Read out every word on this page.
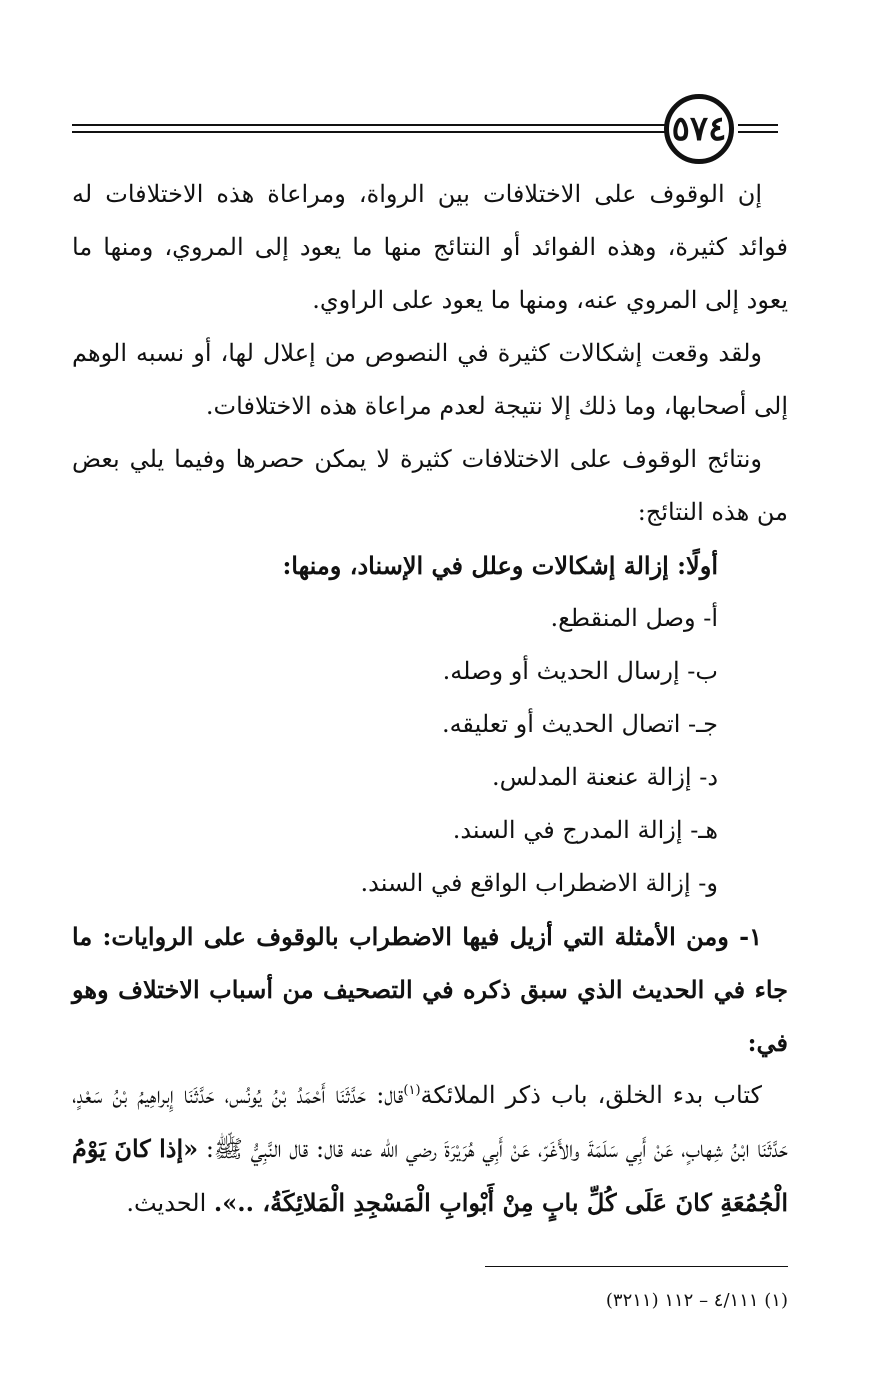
٥٧٤

إن الوقوف على الاختلافات بين الرواة، ومراعاة هذه الاختلافات له فوائد كثيرة، وهذه الفوائد أو النتائج منها ما يعود إلى المروي، ومنها ما يعود إلى المروي عنه، ومنها ما يعود على الراوي.

ولقد وقعت إشكالات كثيرة في النصوص من إعلال لها، أو نسبه الوهم إلى أصحابها، وما ذلك إلا نتيجة لعدم مراعاة هذه الاختلافات.

ونتائج الوقوف على الاختلافات كثيرة لا يمكن حصرها وفيما يلي بعض من هذه النتائج:

أولًا: إزالة إشكالات وعلل في الإسناد، ومنها:

أ- وصل المنقطع.

ب- إرسال الحديث أو وصله.

جـ- اتصال الحديث أو تعليقه.

د- إزالة عنعنة المدلس.

هـ- إزالة المدرج في السند.

و- إزالة الاضطراب الواقع في السند.

١- ومن الأمثلة التي أزيل فيها الاضطراب بالوقوف على الروايات: ما جاء في الحديث الذي سبق ذكره في التصحيف من أسباب الاختلاف وهو في:

كتاب بدء الخلق، باب ذكر الملائكة$^{(١)}$قال: حَدَّثَنَا أَحْمَدُ بْنُ يُونُس، حَدَّثَنَا إِبراهِيمُ بْنُ سَعْدٍ، حَدَّثَنَا ابْنُ شِهابٍ، عَنْ أَبِي سَلَمَةَ والأَغَرّ، عَنْ أَبِي هُرَيْرَةَ رضي الله عنه قال: قال النَّبِيُّ ﷺ: «إذا كانَ يَوْمُ الْجُمُعَةِ كانَ عَلَى كُلِّ بابٍ مِنْ أَبْوابِ الْمَسْجِدِ الْمَلائِكَةُ، ..». الحديث.

(١) ٤/١١١ – ١١٢ (٣٢١١)
